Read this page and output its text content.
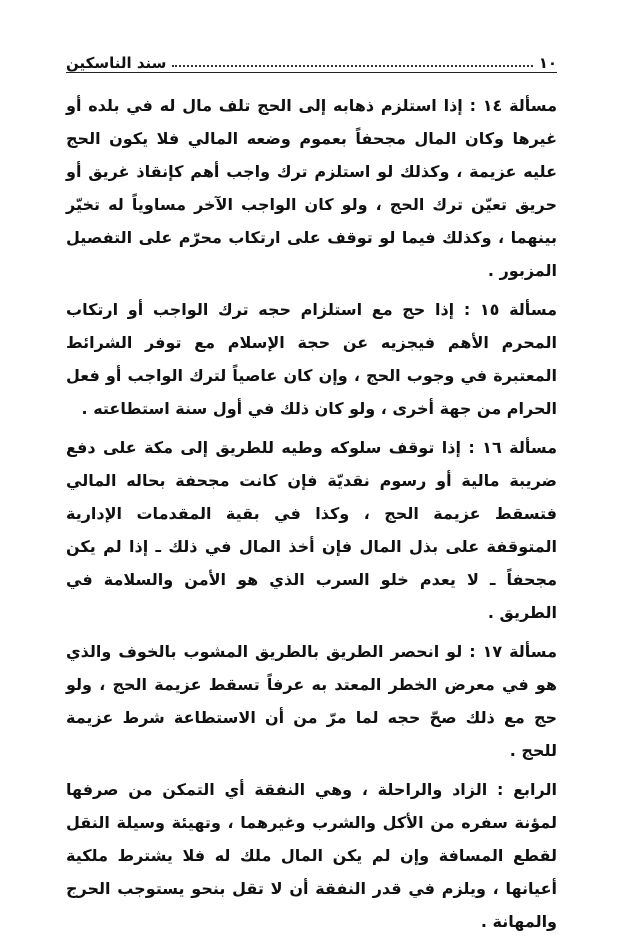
١٠
سند الناسكين

مسألة ١٤ : إذا استلزم ذهابه إلى الحج تلف مال له في بلده أو غيرها وكان المال مجحفاً بعموم وضعه المالي فلا يكون الحج عليه عزيمة ، وكذلك لو استلزم ترك واجب أهم كإنقاذ غريق أو حريق تعيّن ترك الحج ، ولو كان الواجب الآخر مساوياً له تخيّر بينهما ، وكذلك فيما لو توقف على ارتكاب محرّم على التفصيل المزبور .

مسألة ١٥ : إذا حج مع استلزام حجه ترك الواجب أو ارتكاب المحرم الأهم فيجزيه عن حجة الإسلام مع توفر الشرائط المعتبرة في وجوب الحج ، وإن كان عاصياً لترك الواجب أو فعل الحرام من جهة أخرى ، ولو كان ذلك في أول سنة استطاعته .

مسألة ١٦ : إذا توقف سلوكه وطيه للطريق إلى مكة على دفع ضريبة مالية أو رسوم نقديّة فإن كانت مجحفة بحاله المالي فتسقط عزيمة الحج ، وكذا في بقية المقدمات الإدارية المتوقفة على بذل المال فإن أخذ المال في ذلك ـ إذا لم يكن مجحفاً ـ لا يعدم خلو السرب الذي هو الأمن والسلامة في الطريق .

مسألة ١٧ : لو انحصر الطريق بالطريق المشوب بالخوف والذي هو في معرض الخطر المعتد به عرفاً تسقط عزيمة الحج ، ولو حج مع ذلك صحّ حجه لما مرّ من أن الاستطاعة شرط عزيمة للحج .

الرابع : الزاد والراحلة ، وهي النفقة أي التمكن من صرفها لمؤنة سفره من الأكل والشرب وغيرهما ، وتهيئة وسيلة النقل لقطع المسافة وإن لم يكن المال ملك له فلا يشترط ملكية أعيانها ، ويلزم في قدر النفقة أن لا تقل بنحو يستوجب الحرج والمهانة .
